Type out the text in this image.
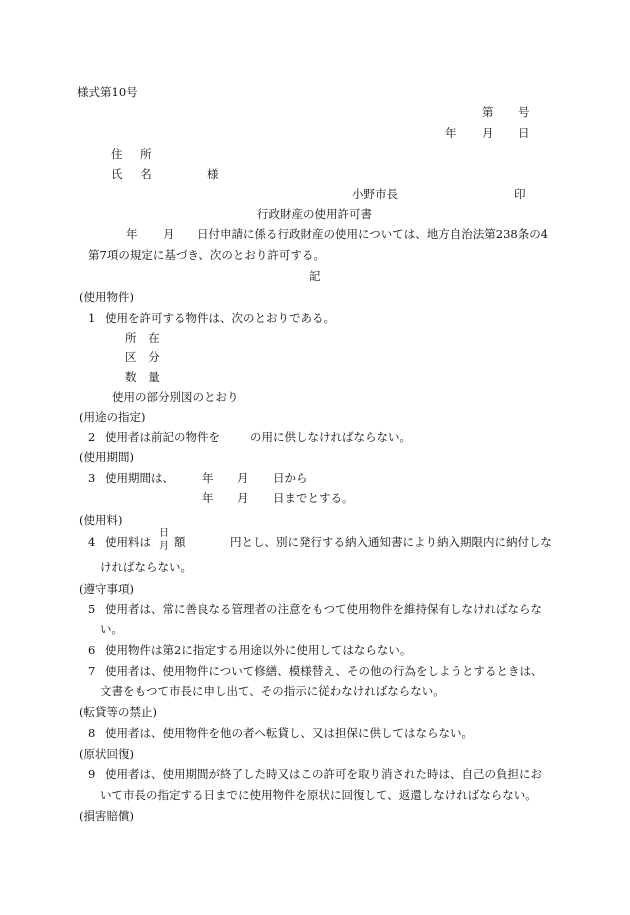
様式第10号
第 号
年 月 日
住 所
氏 名	様
小野市長	印
行政財産の使用許可書
年 月 日付申請に係る行政財産の使用については、地方自治法第238条の4
第7項の規定に基づき、次のとおり許可する。
記
(使用物件)
1 使用を許可する物件は、次のとおりである。
所 在
区 分
数 量
使用の部分別図のとおり
(用途の指定)
2 使用者は前記の物件を	の用に供しなければならない。
(使用期間)
3 使用期間は、 年 月 日から
年 月 日までとする。
(使用料)
4 使用料は
日
月 額	円とし、別に発行する納入通知書により納入期限内に納付しな
ければならない。
(遵守事項)
5 使用者は、常に善良なる管理者の注意をもつて使用物件を維持保有しなければならな
い。
6 使用物件は第2に指定する用途以外に使用してはならない。
7 使用者は、使用物件について修繕、模様替え、その他の行為をしようとするときは、
文書をもつて市長に申し出て、その指示に従わなければならない。
(転貸等の禁止)
8 使用者は、使用物件を他の者へ転貸し、又は担保に供してはならない。
(原状回復)
9 使用者は、使用期間が終了した時又はこの許可を取り消された時は、自己の負担にお
いて市長の指定する日までに使用物件を原状に回復して、返還しなければならない。
(損害賠償)
